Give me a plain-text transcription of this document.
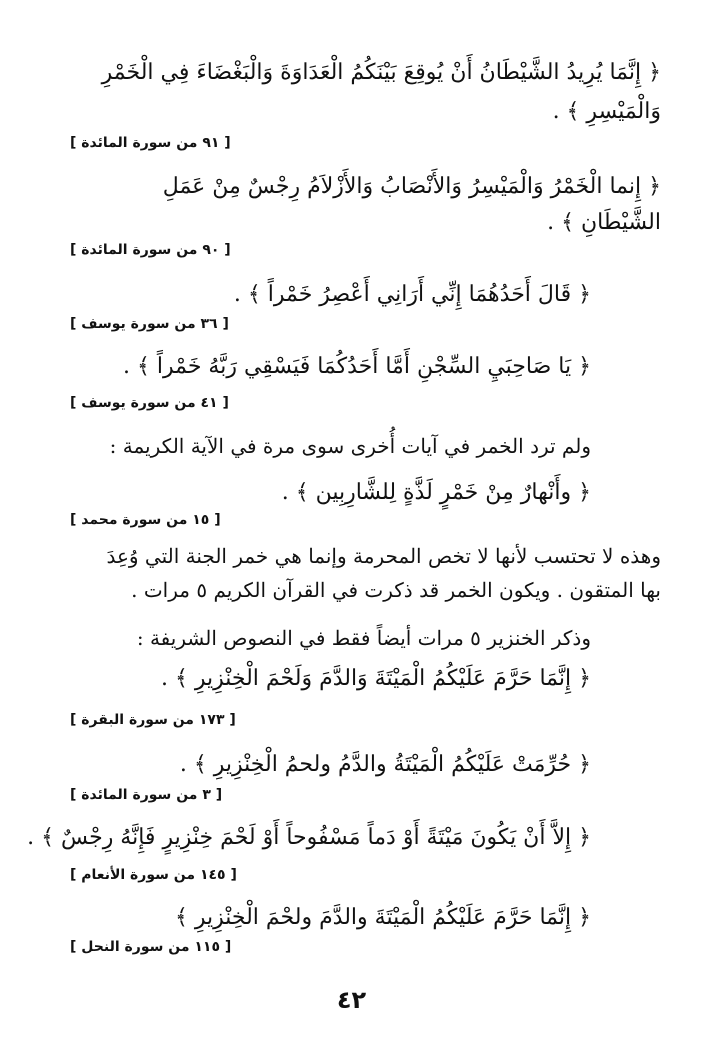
﴿ إِنَّمَا يُرِيدُ الشَّيْطَانُ أَنْ يُوقِعَ بَيْنَكُمُ الْعَدَاوَةَ وَالْبَغْضَاءَ فِي الْخَمْرِ
وَالْمَيْسِرِ ﴾ .
[ ٩١ من سورة المائدة ]
﴿ إِنما الْخَمْرُ وَالْمَيْسِرُ وَالأَنْصَابُ وَالأَزْلاَمُ رِجْسٌ مِنْ عَمَلِ
الشَّيْطَانِ ﴾ .
[ ٩٠ من سورة المائدة ]
﴿ قَالَ أَحَدُهُمَا إِنِّي أَرَانِي أَعْصِرُ خَمْراً ﴾ .
[ ٣٦ من سورة يوسف ]
﴿ يَا صَاحِبَيِ السِّجْنِ أَمَّا أَحَدُكُمَا فَيَسْقِي رَبَّهُ خَمْراً ﴾ .
[ ٤١ من سورة يوسف ]
ولم ترد الخمر في آيات أُخرى سوى مرة في الآية الكريمة :
﴿ وأَنْهارٌ مِنْ خَمْرٍ لَذَّةٍ لِلشَّارِبِين ﴾ .
[ ١٥ من سورة محمد ]
وهذه لا تحتسب لأنها لا تخص المحرمة وإنما هي خمر الجنة التي وُعِدَ
بها المتقون . ويكون الخمر قد ذكرت في القرآن الكريم ٥ مرات .
وذكر الخنزير ٥ مرات أيضاً فقط في النصوص الشريفة :
﴿ إِنَّمَا حَرَّمَ عَلَيْكُمُ الْمَيْتَةَ وَالدَّمَ وَلَحْمَ الْخِنْزِيرِ ﴾ .
[ ١٧٣ من سورة البقرة ]
﴿ حُرِّمَتْ عَلَيْكُمُ الْمَيْتَةُ والدَّمُ ولحمُ الْخِنْزِيرِ ﴾ .
[ ٣ من سورة المائدة ]
﴿ إِلاَّ أَنْ يَكُونَ مَيْتَةً أَوْ دَماً مَسْفُوحاً أَوْ لَحْمَ خِنْزِيرٍ فَإِنَّهُ رِجْسٌ ﴾ .
[ ١٤٥ من سورة الأنعام ]
﴿ إِنَّمَا حَرَّمَ عَلَيْكُمُ الْمَيْتَةَ والدَّمَ ولحْمَ الْخِنْزِيرِ ﴾
[ ١١٥ من سورة النحل ]
٤٢
